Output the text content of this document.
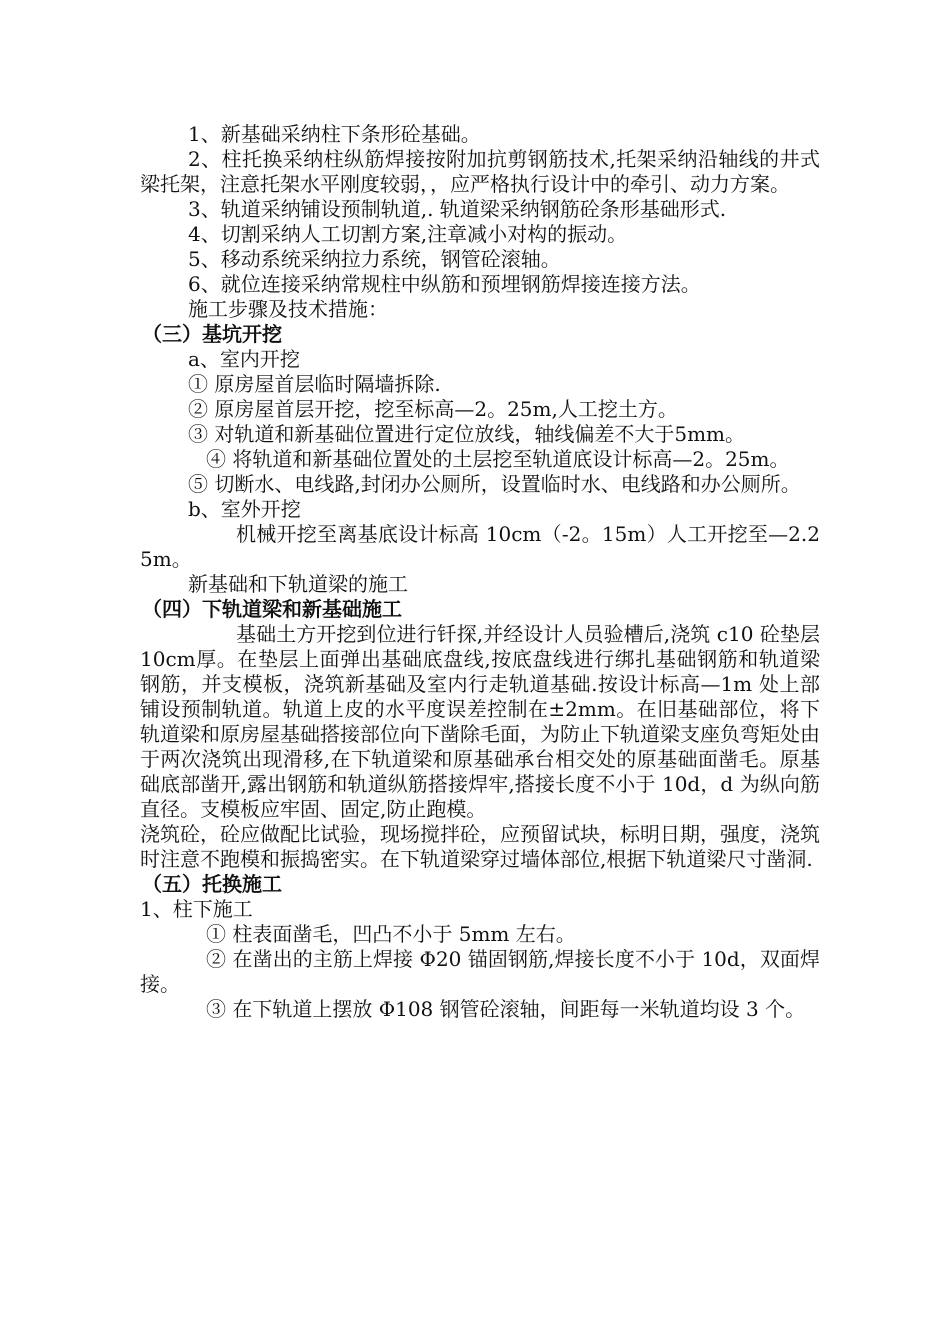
1、新基础采纳柱下条形砼基础。

2、柱托换采纳柱纵筋焊接按附加抗剪钢筋技术,托架采纳沿轴线的井式梁托架，注意托架水平刚度较弱，，应严格执行设计中的牵引、动力方案。

3、轨道采纳铺设预制轨道,. 轨道梁采纳钢筋砼条形基础形式.

4、切割采纳人工切割方案,注章减小对构的振动。

5、移动系统采纳拉力系统，钢管砼滚轴。

6、就位连接采纳常规柱中纵筋和预埋钢筋焊接连接方法。

施工步骤及技术措施：

（三）基坑开挖

a、室内开挖

① 原房屋首层临时隔墙拆除.

② 原房屋首层开挖，挖至标高—2。25m,人工挖土方。

③ 对轨道和新基础位置进行定位放线，轴线偏差不大于5mm。

④ 将轨道和新基础位置处的土层挖至轨道底设计标高—2。25m。

⑤ 切断水、电线路,封闭办公厕所，设置临时水、电线路和办公厕所。

b、室外开挖

机械开挖至离基底设计标高 10cm（-2。15m）人工开挖至—2.25m。

新基础和下轨道梁的施工

（四）下轨道梁和新基础施工

基础土方开挖到位进行钎探,并经设计人员验槽后,浇筑 c10 砼垫层 10cm厚。在垫层上面弹出基础底盘线,按底盘线进行绑扎基础钢筋和轨道梁钢筋，并支模板，浇筑新基础及室内行走轨道基础.按设计标高—1m 处上部铺设预制轨道。轨道上皮的水平度误差控制在±2mm。在旧基础部位，将下轨道梁和原房屋基础搭接部位向下凿除毛面，为防止下轨道梁支座负弯矩处由于两次浇筑出现滑移,在下轨道梁和原基础承台相交处的原基础面凿毛。原基础底部凿开,露出钢筋和轨道纵筋搭接焊牢,搭接长度不小于 10d，d 为纵向筋直径。支模板应牢固、固定,防止跑模。

浇筑砼，砼应做配比试验，现场搅拌砼，应预留试块，标明日期，强度，浇筑时注意不跑模和振捣密实。在下轨道梁穿过墙体部位,根据下轨道梁尺寸凿洞.

（五）托换施工

1、柱下施工

① 柱表面凿毛，凹凸不小于 5mm 左右。

② 在凿出的主筋上焊接 Φ20 锚固钢筋,焊接长度不小于 10d，双面焊接。

③ 在下轨道上摆放 Φ108 钢管砼滚轴，间距每一米轨道均设 3 个。
